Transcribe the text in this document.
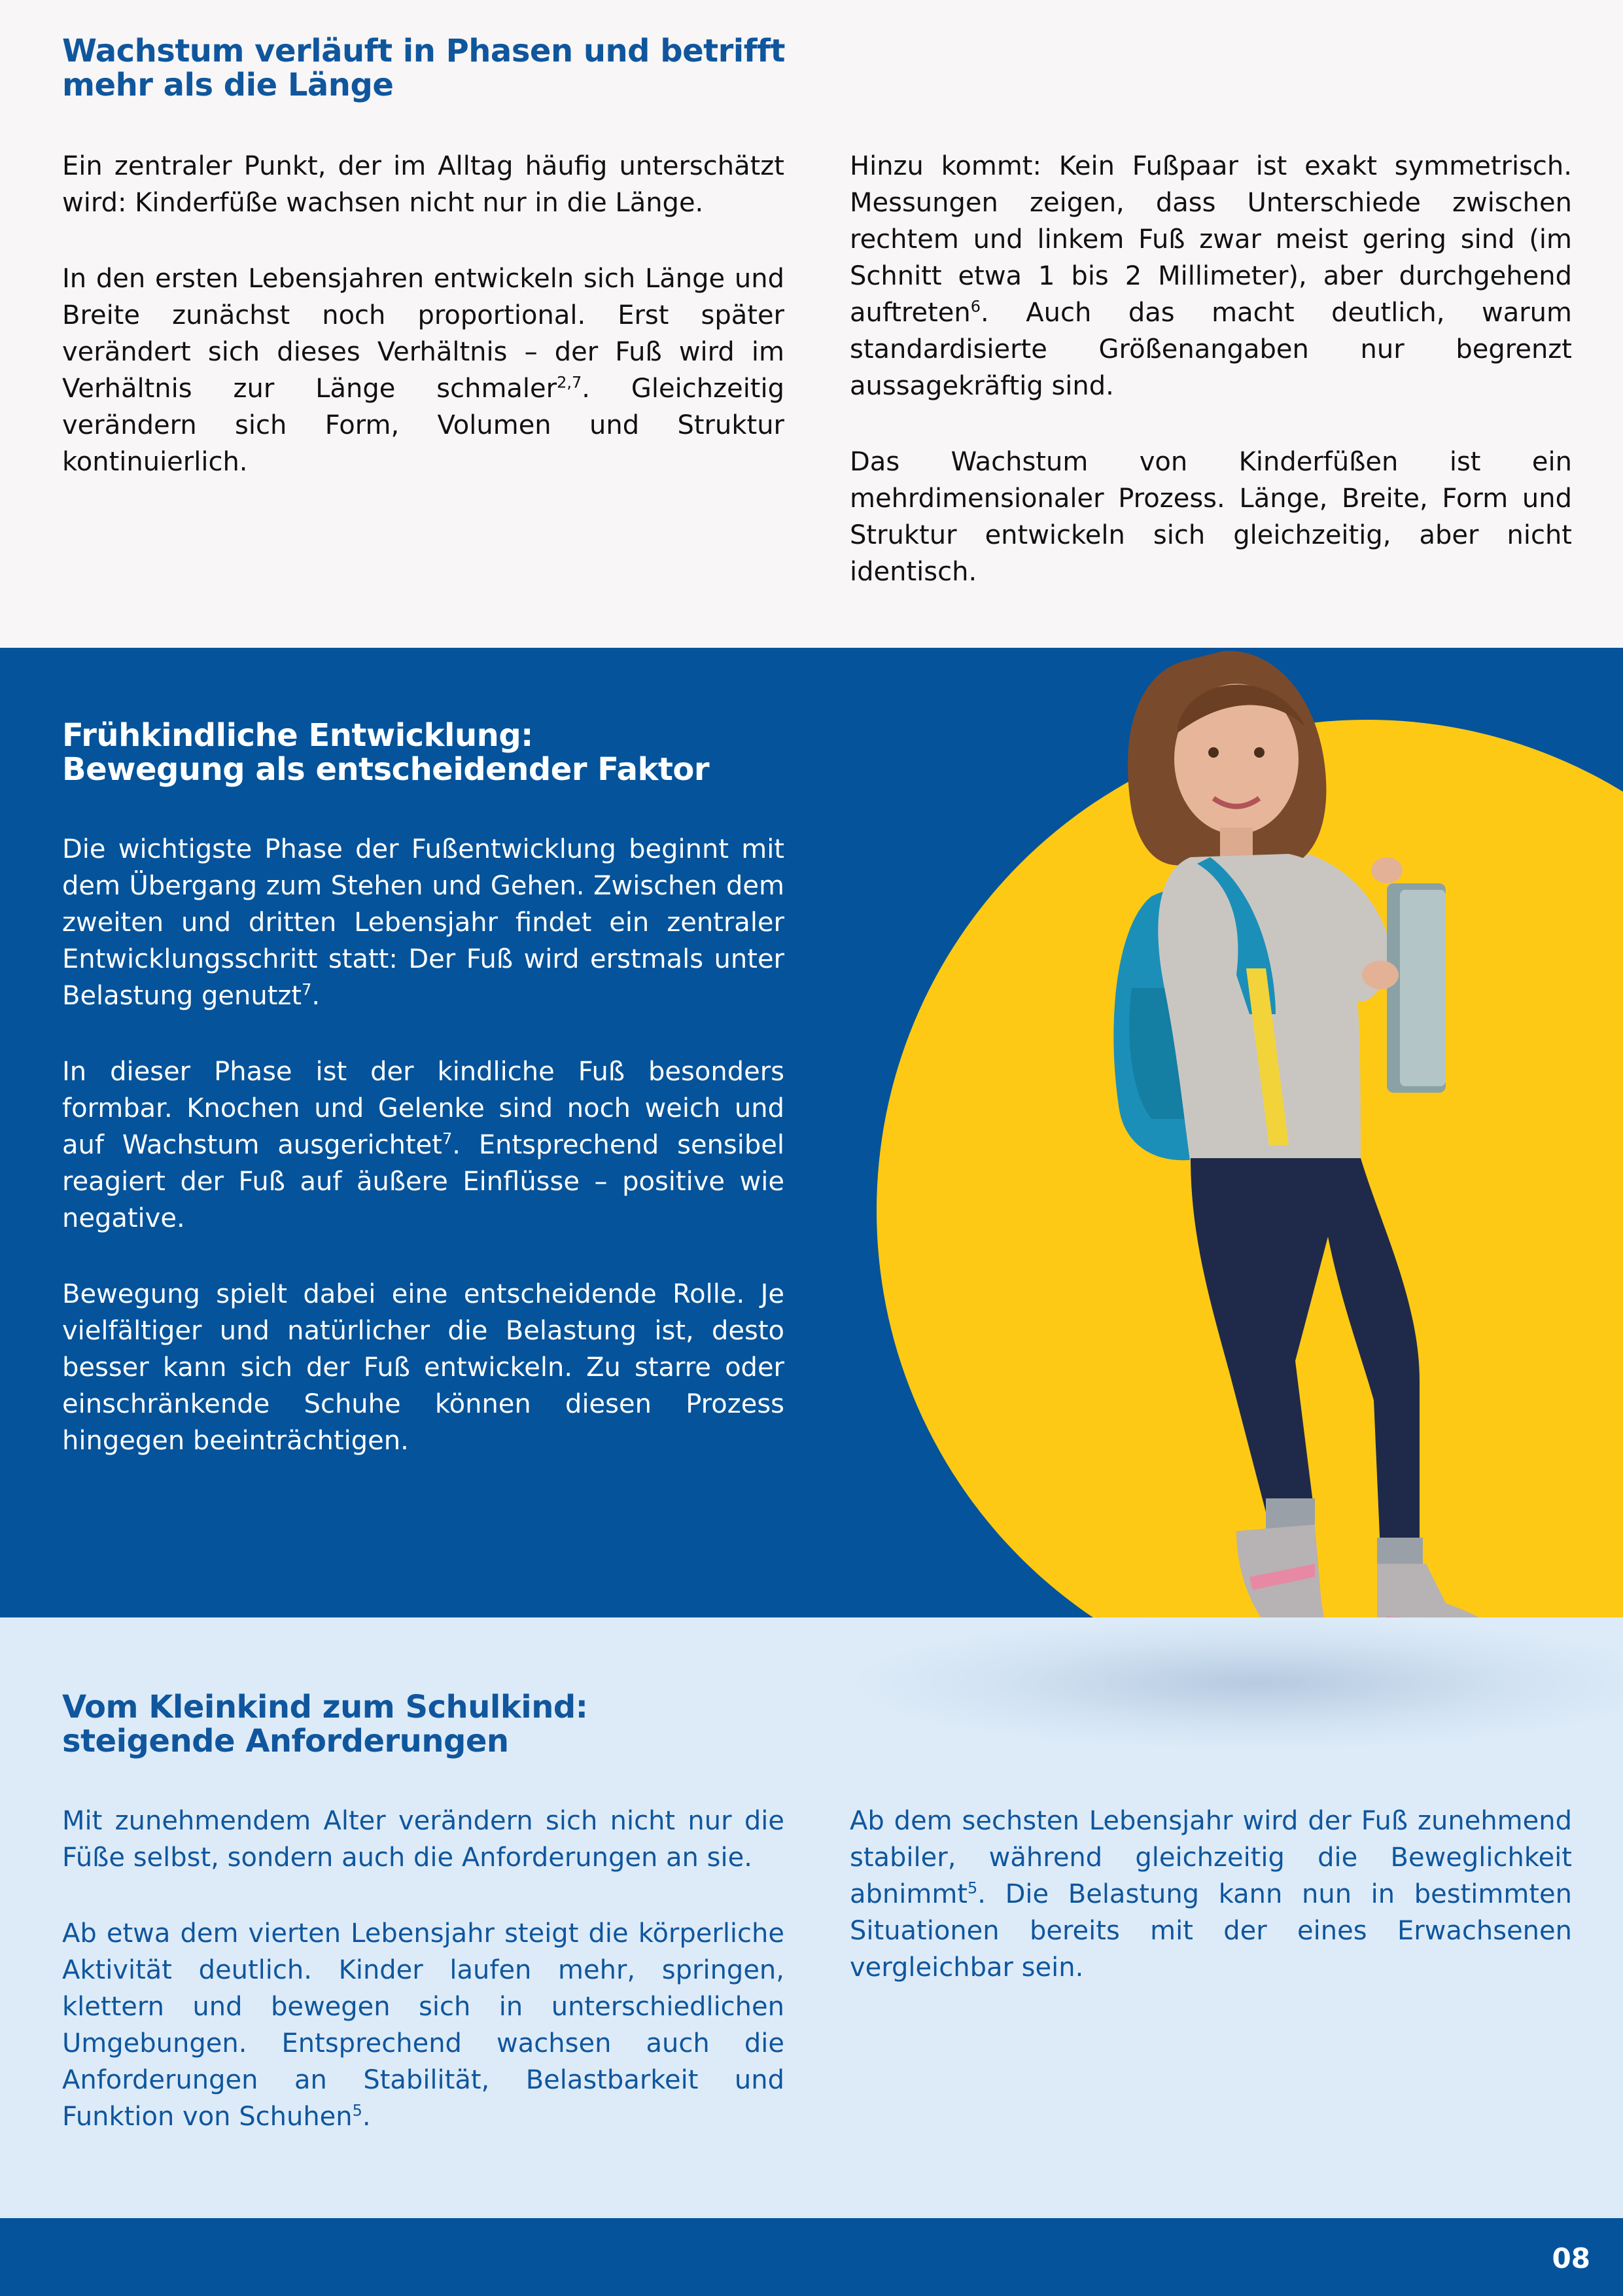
Wachstum verläuft in Phasen und betrifft
mehr als die Länge

Ein zentraler Punkt, der im Alltag häufig unterschätzt wird: Kinderfüße wachsen nicht nur in die Länge.

In den ersten Lebensjahren entwickeln sich Länge und Breite zunächst noch proportional. Erst später verändert sich dieses Verhältnis – der Fuß wird im Verhältnis zur Länge schmaler$^{2,7}$. Gleichzeitig verändern sich Form, Volumen und Struktur kontinuierlich.

Hinzu kommt: Kein Fußpaar ist exakt symmetrisch. Messungen zeigen, dass Unterschiede zwischen rechtem und linkem Fuß zwar meist gering sind (im Schnitt etwa 1 bis 2 Millimeter), aber durchgehend auftreten$^6$. Auch das macht deutlich, warum standardisierte Größenangaben nur begrenzt aussagekräftig sind.

Das Wachstum von Kinderfüßen ist ein mehrdimensionaler Prozess. Länge, Breite, Form und Struktur entwickeln sich gleichzeitig, aber nicht identisch.

Frühkindliche Entwicklung:
Bewegung als entscheidender Faktor

Die wichtigste Phase der Fußentwicklung beginnt mit dem Übergang zum Stehen und Gehen. Zwischen dem zweiten und dritten Lebensjahr findet ein zentraler Entwicklungsschritt statt: Der Fuß wird erstmals unter Belastung genutzt$^7$.

In dieser Phase ist der kindliche Fuß besonders formbar. Knochen und Gelenke sind noch weich und auf Wachstum ausgerichtet$^7$. Entsprechend sensibel reagiert der Fuß auf äußere Einflüsse – positive wie negative.

Bewegung spielt dabei eine entscheidende Rolle. Je vielfältiger und natürlicher die Belastung ist, desto besser kann sich der Fuß entwickeln. Zu starre oder einschränkende Schuhe können diesen Prozess hingegen beeinträchtigen.

Vom Kleinkind zum Schulkind:
steigende Anforderungen

Mit zunehmendem Alter verändern sich nicht nur die Füße selbst, sondern auch die Anforderungen an sie.

Ab etwa dem vierten Lebensjahr steigt die körperliche Aktivität deutlich. Kinder laufen mehr, springen, klettern und bewegen sich in unterschiedlichen Umgebungen. Entsprechend wachsen auch die Anforderungen an Stabilität, Belastbarkeit und Funktion von Schuhen$^5$.

Ab dem sechsten Lebensjahr wird der Fuß zunehmend stabiler, während gleichzeitig die Beweglichkeit abnimmt$^5$. Die Belastung kann nun in bestimmten Situationen bereits mit der eines Erwachsenen vergleichbar sein.

08
